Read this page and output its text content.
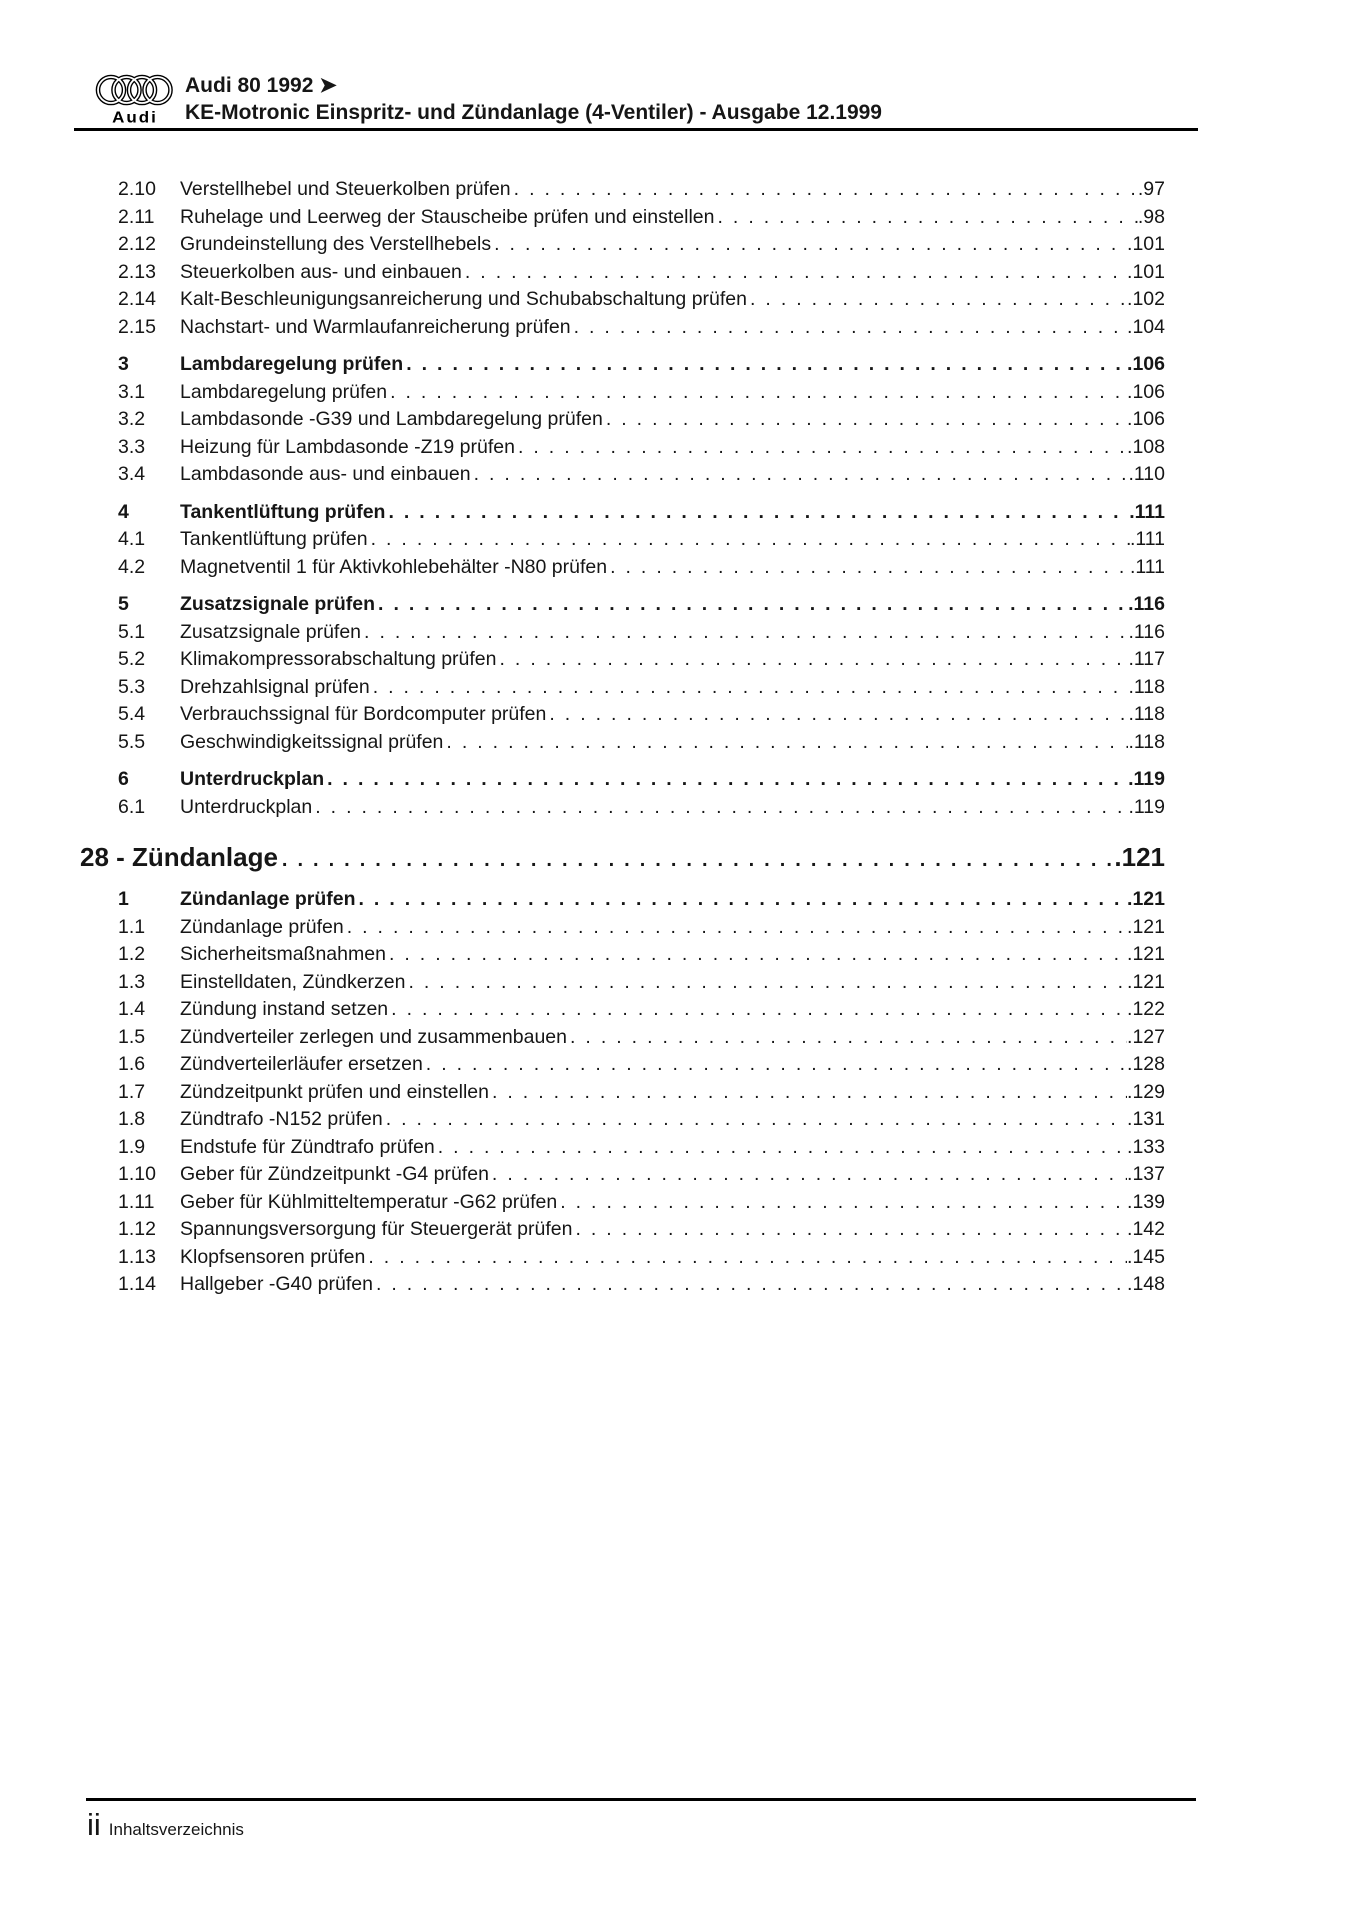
Audi
Audi 80 1992 ➤
KE-Motronic Einspritz- und Zündanlage (4-Ventiler) - Ausgabe 12.1999
2.10	Verstellhebel und Steuerkolben prüfen .....	. 97
2.11	Ruhelage und Leerweg der Stauscheibe prüfen und einstellen .....	. 98
2.12	Grundeinstellung des Verstellhebels .....	. 101
2.13	Steuerkolben aus- und einbauen .....	. 101
2.14	Kalt-Beschleunigungsanreicherung und Schubabschaltung prüfen .....	. 102
2.15	Nachstart- und Warmlaufanreicherung prüfen .....	. 104
3	Lambdaregelung prüfen .....	. 106
3.1	Lambdaregelung prüfen .....	. 106
3.2	Lambdasonde -G39 und Lambdaregelung prüfen .....	. 106
3.3	Heizung für Lambdasonde -Z19 prüfen .....	. 108
3.4	Lambdasonde aus- und einbauen .....	. 110
4	Tankentlüftung prüfen .....	. 111
4.1	Tankentlüftung prüfen .....	. 111
4.2	Magnetventil 1 für Aktivkohlebehälter -N80 prüfen .....	. 111
5	Zusatzsignale prüfen .....	. 116
5.1	Zusatzsignale prüfen .....	. 116
5.2	Klimakompressorabschaltung prüfen .....	. 117
5.3	Drehzahlsignal prüfen .....	. 118
5.4	Verbrauchssignal für Bordcomputer prüfen .....	. 118
5.5	Geschwindigkeitssignal prüfen .....	. 118
6	Unterdruckplan .....	. 119
6.1	Unterdruckplan .....	. 119
28 - Zündanlage .....	. 121
1	Zündanlage prüfen .....	. 121
1.1	Zündanlage prüfen .....	. 121
1.2	Sicherheitsmaßnahmen .....	. 121
1.3	Einstelldaten, Zündkerzen .....	. 121
1.4	Zündung instand setzen .....	. 122
1.5	Zündverteiler zerlegen und zusammenbauen .....	. 127
1.6	Zündverteilerläufer ersetzen .....	. 128
1.7	Zündzeitpunkt prüfen und einstellen .....	. 129
1.8	Zündtrafo -N152 prüfen .....	. 131
1.9	Endstufe für Zündtrafo prüfen .....	. 133
1.10	Geber für Zündzeitpunkt -G4 prüfen .....	. 137
1.11	Geber für Kühlmitteltemperatur -G62 prüfen .....	. 139
1.12	Spannungsversorgung für Steuergerät prüfen .....	. 142
1.13	Klopfsensoren prüfen .....	. 145
1.14	Hallgeber -G40 prüfen .....	. 148
ii Inhaltsverzeichnis
